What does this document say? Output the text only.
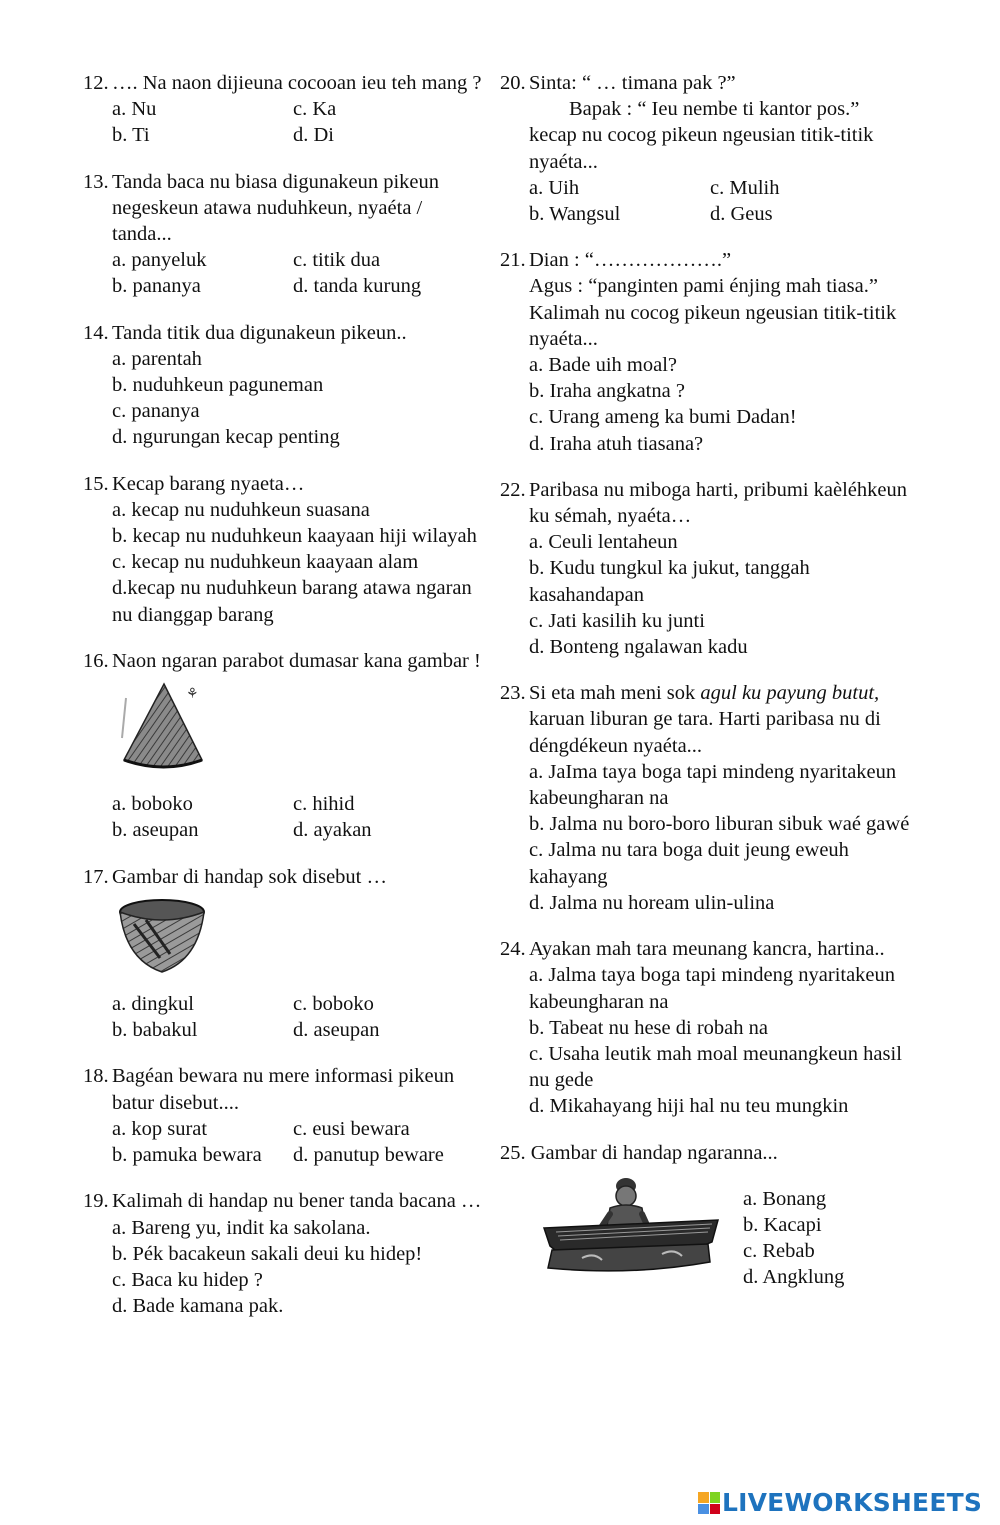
12. …. Na naon dijieuna cocooan ieu teh mang ?
a. Nu	c. Ka
b. Ti	d. Di
13. Tanda baca nu biasa digunakeun pikeun negeskeun atawa nuduhkeun, nyaéta / tanda...
a. panyeluk	c. titik dua
b. pananya	d. tanda kurung
14. Tanda titik dua digunakeun pikeun..
a. parentah
b. nuduhkeun paguneman
c. pananya
d. ngurungan kecap penting
15. Kecap barang nyaeta…
a. kecap nu nuduhkeun suasana
b. kecap nu nuduhkeun kaayaan hiji wilayah
c. kecap nu nuduhkeun kaayaan alam
d.kecap nu nuduhkeun barang atawa ngaran nu dianggap barang
16. Naon ngaran parabot dumasar kana gambar !
⚘
a. boboko	c. hihid
b. aseupan	d. ayakan
17. Gambar di handap sok disebut …
a. dingkul	c. boboko
b. babakul	d. aseupan
18. Bagéan bewara nu mere informasi pikeun batur disebut....
a. kop surat	c. eusi bewara
b. pamuka bewara	d. panutup beware
19. Kalimah di handap nu bener tanda bacana …
a. Bareng yu, indit ka sakolana.
b. Pék bacakeun sakali deui ku hidep!
c. Baca ku hidep ?
d. Bade kamana pak.
20. Sinta: “ … timana pak ?”
Bapak : “ Ieu nembe ti kantor pos.”
kecap nu cocog pikeun ngeusian titik-titik nyaéta...
a. Uih	c. Mulih
b. Wangsul	d. Geus
21. Dian : “……………….”
Agus : “panginten pami énjing mah tiasa.”
Kalimah nu cocog pikeun ngeusian titik-titik nyaéta...
a. Bade uih moal?
b. Iraha angkatna ?
c. Urang ameng ka bumi Dadan!
d. Iraha atuh tiasana?
22. Paribasa nu miboga harti, pribumi kaèléhkeun ku sémah, nyaéta…
a. Ceuli lentaheun
b. Kudu tungkul ka jukut, tanggah kasahandapan
c. Jati kasilih ku junti
d. Bonteng ngalawan kadu
23. Si eta mah meni sok agul ku payung butut, karuan liburan ge tara. Harti paribasa nu di déngdékeun nyaéta...
a. JaIma taya boga tapi mindeng nyaritakeun kabeungharan na
b. Jalma nu boro-boro liburan sibuk waé gawé
c. Jalma nu tara boga duit jeung eweuh kahayang
d. Jalma nu hoream ulin-ulina
24. Ayakan mah tara meunang kancra, hartina..
a. Jalma taya boga tapi mindeng nyaritakeun kabeungharan na
b. Tabeat nu hese di robah na
c. Usaha leutik mah moal meunangkeun hasil nu gede
d. Mikahayang hiji hal nu teu mungkin
25. Gambar di handap ngaranna...
a. Bonang
b. Kacapi
c. Rebab
d. Angklung
LIVEWORKSHEETS
